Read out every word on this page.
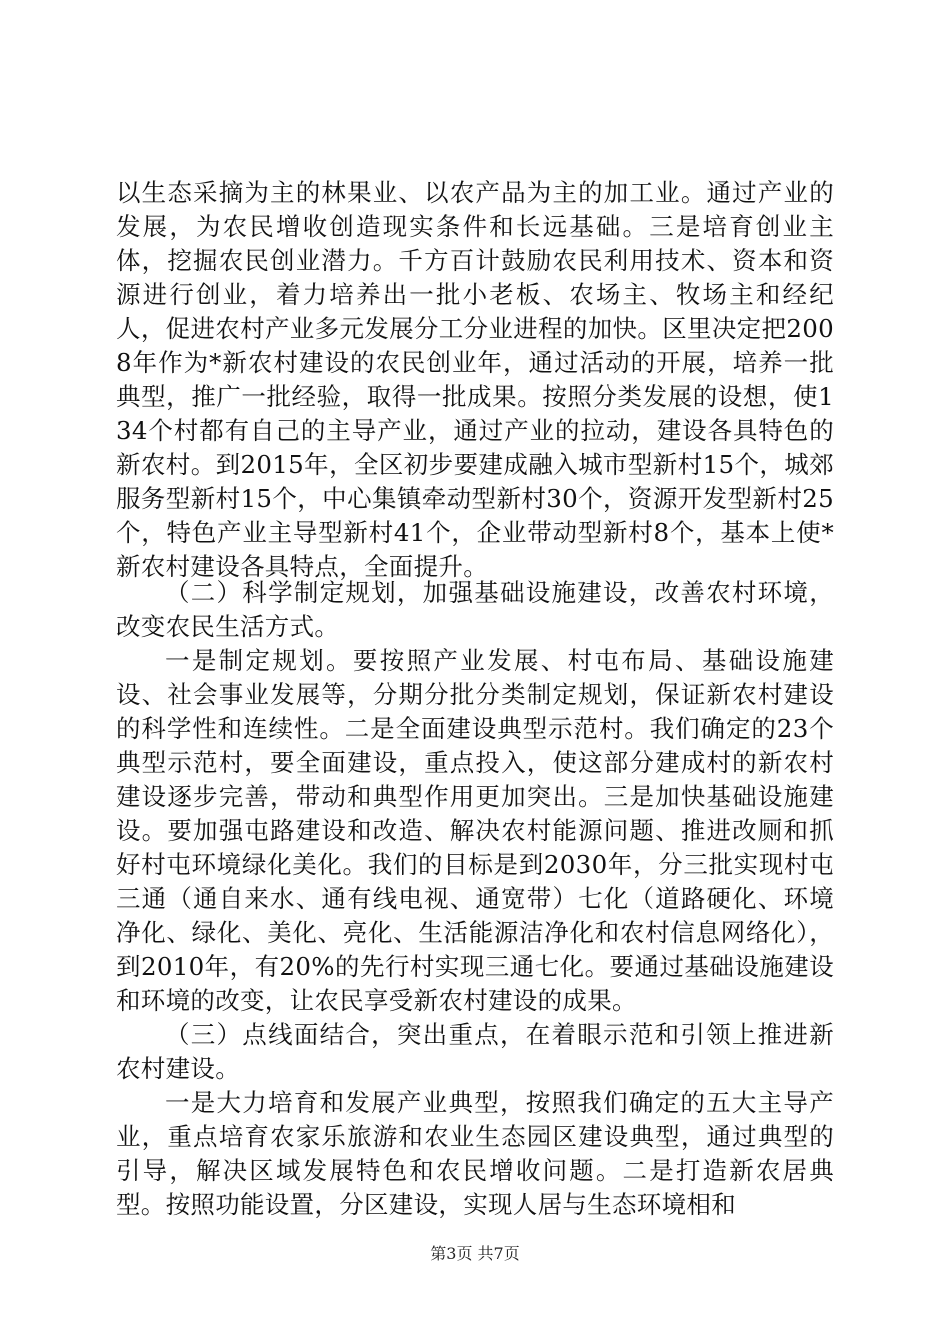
以生态采摘为主的林果业、以农产品为主的加工业。通过产业的发展，为农民增收创造现实条件和长远基础。三是培育创业主体，挖掘农民创业潜力。千方百计鼓励农民利用技术、资本和资源进行创业，着力培养出一批小老板、农场主、牧场主和经纪人，促进农村产业多元发展分工分业进程的加快。区里决定把2008年作为*新农村建设的农民创业年，通过活动的开展，培养一批典型，推广一批经验，取得一批成果。按照分类发展的设想，使134个村都有自己的主导产业，通过产业的拉动，建设各具特色的新农村。到2015年，全区初步要建成融入城市型新村15个，城郊服务型新村15个，中心集镇牵动型新村30个，资源开发型新村25个，特色产业主导型新村41个，企业带动型新村8个，基本上使*新农村建设各具特点，全面提升。

（二）科学制定规划，加强基础设施建设，改善农村环境，改变农民生活方式。

一是制定规划。要按照产业发展、村屯布局、基础设施建设、社会事业发展等，分期分批分类制定规划，保证新农村建设的科学性和连续性。二是全面建设典型示范村。我们确定的23个典型示范村，要全面建设，重点投入，使这部分建成村的新农村建设逐步完善，带动和典型作用更加突出。三是加快基础设施建设。要加强屯路建设和改造、解决农村能源问题、推进改厕和抓好村屯环境绿化美化。我们的目标是到2030年，分三批实现村屯三通（通自来水、通有线电视、通宽带）七化（道路硬化、环境净化、绿化、美化、亮化、生活能源洁净化和农村信息网络化），到2010年，有20%的先行村实现三通七化。要通过基础设施建设和环境的改变，让农民享受新农村建设的成果。

（三）点线面结合，突出重点，在着眼示范和引领上推进新农村建设。

一是大力培育和发展产业典型，按照我们确定的五大主导产业，重点培育农家乐旅游和农业生态园区建设典型，通过典型的引导，解决区域发展特色和农民增收问题。二是打造新农居典型。按照功能设置，分区建设，实现人居与生态环境相和

第3页 共7页
